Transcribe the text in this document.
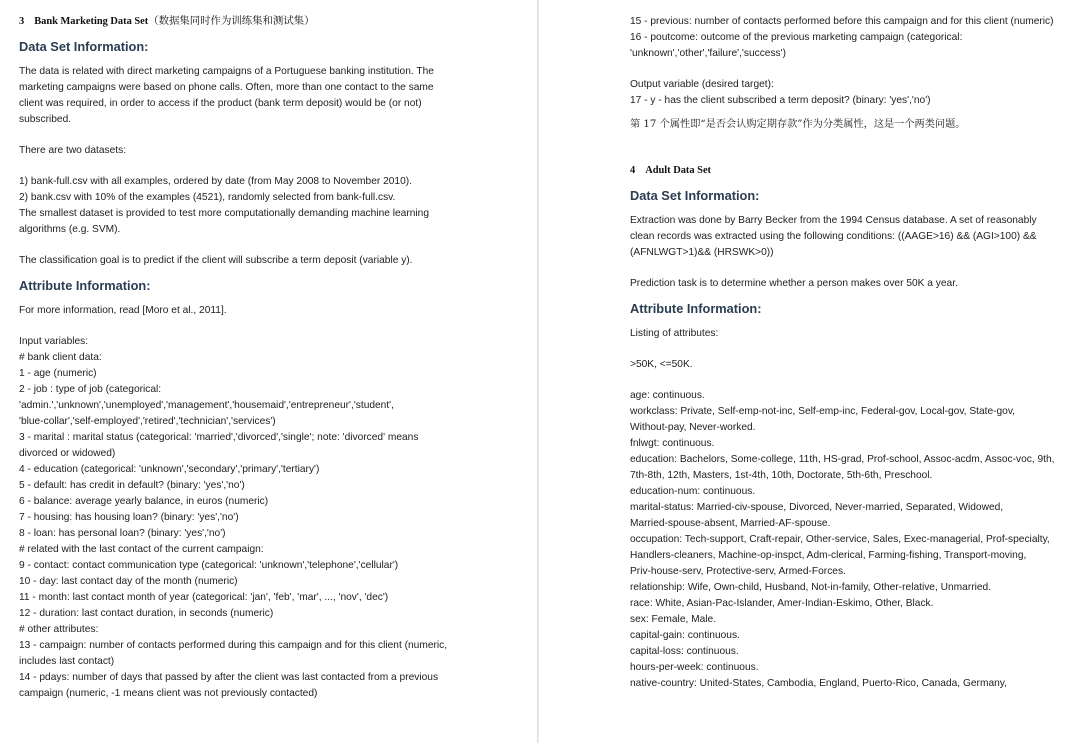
3 Bank Marketing Data Set（数据集同时作为训练集和测试集）
Data Set Information:
The data is related with direct marketing campaigns of a Portuguese banking institution. The
marketing campaigns were based on phone calls. Often, more than one contact to the same
client was required, in order to access if the product (bank term deposit) would be (or not)
subscribed.
There are two datasets:
1) bank-full.csv with all examples, ordered by date (from May 2008 to November 2010).
2) bank.csv with 10% of the examples (4521), randomly selected from bank-full.csv.
The smallest dataset is provided to test more computationally demanding machine learning
algorithms (e.g. SVM).
The classification goal is to predict if the client will subscribe a term deposit (variable y).
Attribute Information:
For more information, read [Moro et al., 2011].
Input variables:
# bank client data:
1 - age (numeric)
2 - job : type of job (categorical:
'admin.','unknown','unemployed','management','housemaid','entrepreneur','student',
'blue-collar','self-employed','retired','technician','services')
3 - marital : marital status (categorical: 'married','divorced','single'; note: 'divorced' means
divorced or widowed)
4 - education (categorical: 'unknown','secondary','primary','tertiary')
5 - default: has credit in default? (binary: 'yes','no')
6 - balance: average yearly balance, in euros (numeric)
7 - housing: has housing loan? (binary: 'yes','no')
8 - loan: has personal loan? (binary: 'yes','no')
# related with the last contact of the current campaign:
9 - contact: contact communication type (categorical: 'unknown','telephone','cellular')
10 - day: last contact day of the month (numeric)
11 - month: last contact month of year (categorical: 'jan', 'feb', 'mar', ..., 'nov', 'dec')
12 - duration: last contact duration, in seconds (numeric)
# other attributes:
13 - campaign: number of contacts performed during this campaign and for this client (numeric,
includes last contact)
14 - pdays: number of days that passed by after the client was last contacted from a previous
campaign (numeric, -1 means client was not previously contacted)
15 - previous: number of contacts performed before this campaign and for this client (numeric)
16 - poutcome: outcome of the previous marketing campaign (categorical:
'unknown','other','failure','success')
Output variable (desired target):
17 - y - has the client subscribed a term deposit? (binary: 'yes','no')
第 17 个属性即“是否会认购定期存款”作为分类属性，这是一个两类问题。
4 Adult Data Set
Data Set Information:
Extraction was done by Barry Becker from the 1994 Census database. A set of reasonably
clean records was extracted using the following conditions: ((AAGE>16) && (AGI>100) &&
(AFNLWGT>1)&& (HRSWK>0))
Prediction task is to determine whether a person makes over 50K a year.
Attribute Information:
Listing of attributes:
>50K, <=50K.
age: continuous.
workclass: Private, Self-emp-not-inc, Self-emp-inc, Federal-gov, Local-gov, State-gov,
Without-pay, Never-worked.
fnlwgt: continuous.
education: Bachelors, Some-college, 11th, HS-grad, Prof-school, Assoc-acdm, Assoc-voc, 9th,
7th-8th, 12th, Masters, 1st-4th, 10th, Doctorate, 5th-6th, Preschool.
education-num: continuous.
marital-status: Married-civ-spouse, Divorced, Never-married, Separated, Widowed,
Married-spouse-absent, Married-AF-spouse.
occupation: Tech-support, Craft-repair, Other-service, Sales, Exec-managerial, Prof-specialty,
Handlers-cleaners, Machine-op-inspct, Adm-clerical, Farming-fishing, Transport-moving,
Priv-house-serv, Protective-serv, Armed-Forces.
relationship: Wife, Own-child, Husband, Not-in-family, Other-relative, Unmarried.
race: White, Asian-Pac-Islander, Amer-Indian-Eskimo, Other, Black.
sex: Female, Male.
capital-gain: continuous.
capital-loss: continuous.
hours-per-week: continuous.
native-country: United-States, Cambodia, England, Puerto-Rico, Canada, Germany,
